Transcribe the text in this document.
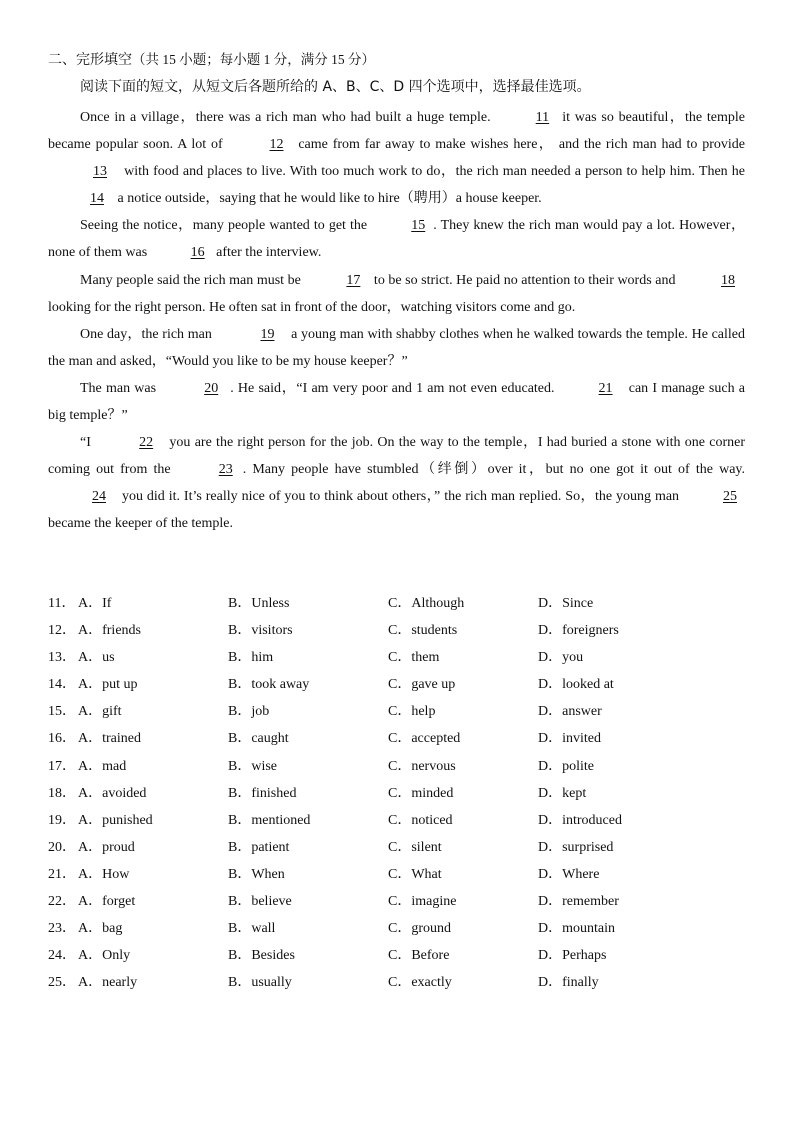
二、完形填空（共 15 小题；每小题 1 分，满分 15 分）
阅读下面的短文，从短文后各题所给的 A、B、C、D 四个选项中，选择最佳选项。

Once in a village，there was a rich man who had built a huge temple.	11 it was so beautiful，the temple became popular soon. A lot of	12 came from far away to make wishes here， and the rich man had to provide 13 with food and places to live. With too much work to do，the rich man needed a person to help him. Then he 14 a notice outside，saying that he would like to hire（聘用）a house keeper.

Seeing the notice，many people wanted to get the	15 . They knew the rich man would pay a lot. However，none of them was	16 after the interview.

Many people said the rich man must be	17 to be so strict. He paid no attention to their words and	18 looking for the right person. He often sat in front of the door，watching visitors come and go.

One day，the rich man	19 a young man with shabby clothes when he walked towards the temple. He called the man and asked，“Would you like to be my house keeper？”

The man was	20 . He said，“I am very poor and 1 am not even educated.	21 can I manage such a big temple？”

“I	22 you are the right person for the job. On the way to the temple，I had buried a stone with one corner coming out from the	23 . Many people have stumbled（绊倒）over it，but no one got it out of the way.24 you did it. It’s really nice of you to think about others，” the rich man replied. So，the young man	25 became the keeper of the temple.

11． A．If	B．Unless	C．Although	D．Since
12． A．friends	B．visitors	C．students	D．foreigners
13． A．us	B．him	C．them	D．you
14． A．put up	B．took away	C．gave up	D．looked at
15． A．gift	B．job	C．help	D．answer
16． A．trained	B．caught	C．accepted	D．invited
17． A．mad	B．wise	C．nervous	D．polite
18． A．avoided	B．finished	C．minded	D．kept
19． A．punished	B．mentioned	C．noticed	D．introduced
20． A．proud	B．patient	C．silent	D．surprised
21． A．How	B．When	C．What	D．Where
22． A．forget	B．believe	C．imagine	D．remember
23． A．bag	B．wall	C．ground	D．mountain
24． A．Only	B．Besides	C．Before	D．Perhaps
25． A．nearly	B．usually	C．exactly	D．finally
